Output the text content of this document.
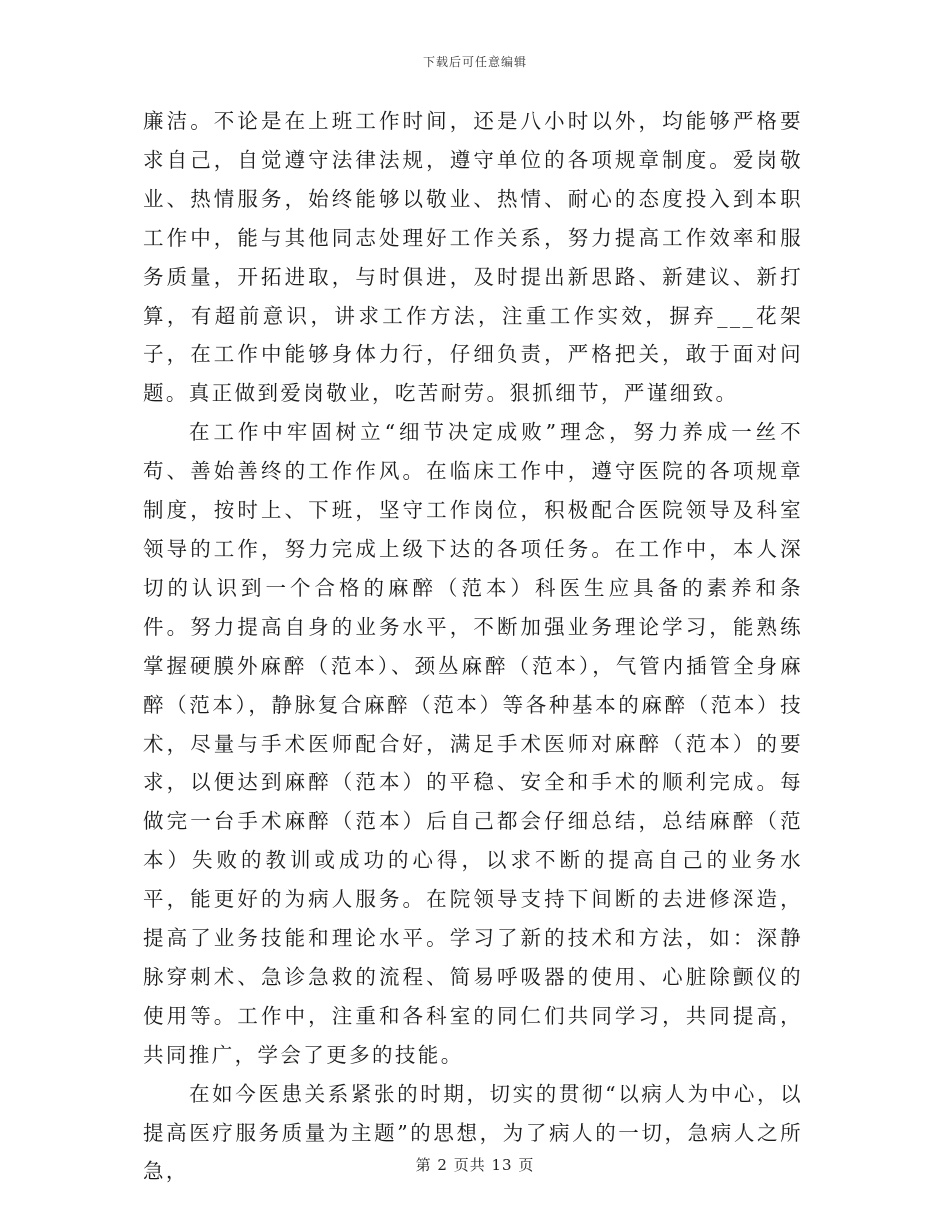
下载后可任意编辑

廉洁。不论是在上班工作时间，还是八小时以外，均能够严格要求自己，自觉遵守法律法规，遵守单位的各项规章制度。爱岗敬业、热情服务，始终能够以敬业、热情、耐心的态度投入到本职工作中，能与其他同志处理好工作关系，努力提高工作效率和服务质量，开拓进取，与时俱进，及时提出新思路、新建议、新打算，有超前意识，讲求工作方法，注重工作实效，摒弃___花架子，在工作中能够身体力行，仔细负责，严格把关，敢于面对问题。真正做到爱岗敬业，吃苦耐劳。狠抓细节，严谨细致。

在工作中牢固树立“细节决定成败”理念，努力养成一丝不苟、善始善终的工作作风。在临床工作中，遵守医院的各项规章制度，按时上、下班，坚守工作岗位，积极配合医院领导及科室领导的工作，努力完成上级下达的各项任务。在工作中，本人深切的认识到一个合格的麻醉（范本）科医生应具备的素养和条件。努力提高自身的业务水平，不断加强业务理论学习，能熟练掌握硬膜外麻醉（范本）、颈丛麻醉（范本），气管内插管全身麻醉（范本），静脉复合麻醉（范本）等各种基本的麻醉（范本）技术，尽量与手术医师配合好，满足手术医师对麻醉（范本）的要求，以便达到麻醉（范本）的平稳、安全和手术的顺利完成。每做完一台手术麻醉（范本）后自己都会仔细总结，总结麻醉（范本）失败的教训或成功的心得，以求不断的提高自己的业务水平，能更好的为病人服务。在院领导支持下间断的去进修深造，提高了业务技能和理论水平。学习了新的技术和方法，如：深静脉穿刺术、急诊急救的流程、简易呼吸器的使用、心脏除颤仪的使用等。工作中，注重和各科室的同仁们共同学习，共同提高，共同推广，学会了更多的技能。

在如今医患关系紧张的时期，切实的贯彻“以病人为中心，以提高医疗服务质量为主题”的思想，为了病人的一切，急病人之所急，	第 2 页共 13 页
